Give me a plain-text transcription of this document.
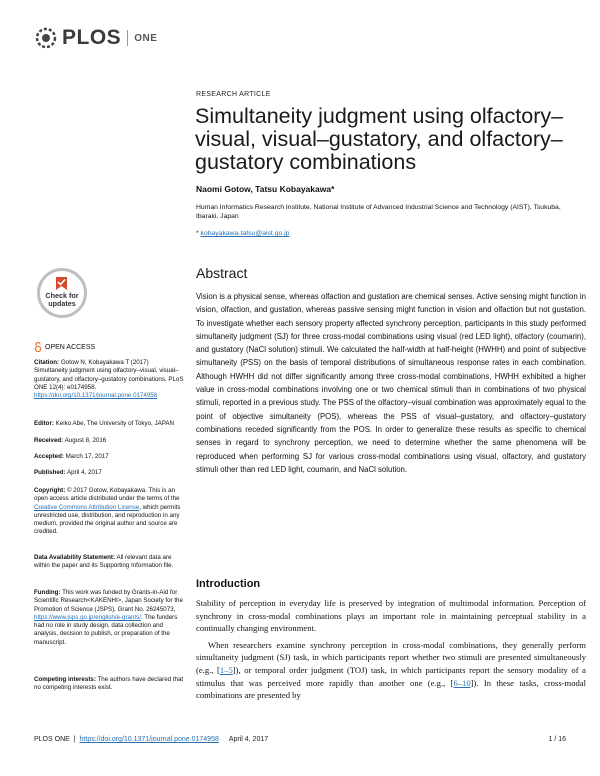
PLOS ONE
RESEARCH ARTICLE
Simultaneity judgment using olfactory–visual, visual–gustatory, and olfactory–gustatory combinations
Naomi Gotow, Tatsu Kobayakawa*
Human Informatics Research Institute, National Institute of Advanced Industrial Science and Technology (AIST), Tsukuba, Ibaraki, Japan
* kobayakawa-tatsu@aist.go.jp
Check for updates
OPEN ACCESS
Citation: Gotow N, Kobayakawa T (2017) Simultaneity judgment using olfactory–visual, visual–gustatory, and olfactory–gustatory combinations. PLoS ONE 12(4): e0174958. https://doi.org/10.1371/journal.pone.0174958
Editor: Keiko Abe, The University of Tokyo, JAPAN
Received: August 8, 2016
Accepted: March 17, 2017
Published: April 4, 2017
Copyright: © 2017 Gotow, Kobayakawa. This is an open access article distributed under the terms of the Creative Commons Attribution License, which permits unrestricted use, distribution, and reproduction in any medium, provided the original author and source are credited.
Data Availability Statement: All relevant data are within the paper and its Supporting Information file.
Funding: This work was funded by Grants-in-Aid for Scientific Research<KAKENHI>, Japan Society for the Promotion of Science (JSPS), Grant No. 26245073, https://www.jsps.go.jp/english/e-grants/. The funders had no role in study design, data collection and analysis, decision to publish, or preparation of the manuscript.
Competing interests: The authors have declared that no competing interests exist.
Abstract
Vision is a physical sense, whereas olfaction and gustation are chemical senses. Active sensing might function in vision, olfaction, and gustation, whereas passive sensing might function in vision and olfaction but not gustation. To investigate whether each sensory property affected synchrony perception, participants in this study performed simultaneity judgment (SJ) for three cross-modal combinations using visual (red LED light), olfactory (coumarin), and gustatory (NaCl solution) stimuli. We calculated the half-width at half-height (HWHH) and point of subjective simultaneity (PSS) on the basis of temporal distributions of simultaneous response rates in each combination. Although HWHH did not differ significantly among three cross-modal combinations, HWHH exhibited a higher value in cross-modal combinations involving one or two chemical stimuli than in combinations of two physical stimuli, reported in a previous study. The PSS of the olfactory–visual combination was approximately equal to the point of objective simultaneity (POS), whereas the PSS of visual–gustatory, and olfactory–gustatory combinations receded significantly from the POS. In order to generalize these results as specific to chemical senses in regard to synchrony perception, we need to determine whether the same phenomena will be reproduced when performing SJ for various cross-modal combinations using visual, olfactory, and gustatory stimuli other than red LED light, coumarin, and NaCl solution.
Introduction

Stability of perception in everyday life is preserved by integration of multimodal information. Perception of synchrony in cross-modal combinations plays an important role in maintaining perceptual stability in a continually changing environment.

When researchers examine synchrony perception in cross-modal combinations, they generally perform simultaneity judgment (SJ) task, in which participants report whether two stimuli are presented simultaneously (e.g., [1–5]), or temporal order judgment (TOJ) task, in which participants report the sensory modality of a stimulus that was perceived more rapidly than another one (e.g., [6–10]). In these tasks, cross-modal combinations are presented by

PLOS ONE | https://doi.org/10.1371/journal.pone.0174958 April 4, 2017	1 / 16
